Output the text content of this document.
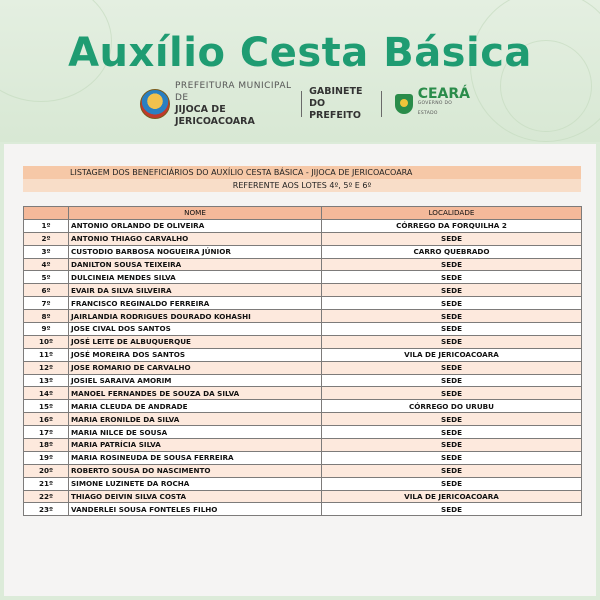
Auxílio Cesta Básica
PREFEITURA MUNICIPAL DE
JIJOCA DE JERICOACOARA
GABINETE DO
PREFEITO
CEARÁ
GOVERNO DO ESTADO
LISTAGEM DOS BENEFICIÁRIOS DO AUXÍLIO CESTA BÁSICA - JIJOCA DE JERICOACOARA
REFERENTE AOS LOTES 4º, 5º E 6º
	NOME	LOCALIDADE
1º	ANTONIO ORLANDO DE OLIVEIRA	CÓRREGO DA FORQUILHA 2
2º	ANTONIO THIAGO CARVALHO	SEDE
3º	CUSTODIO BARBOSA NOGUEIRA JÚNIOR	CARRO QUEBRADO
4º	DANILTON SOUSA TEIXEIRA	SEDE
5º	DULCINEIA MENDES SILVA	SEDE
6º	EVAIR DA SILVA SILVEIRA	SEDE
7º	FRANCISCO REGINALDO FERREIRA	SEDE
8º	JAIRLANDIA RODRIGUES DOURADO KOHASHI	SEDE
9º	JOSE CIVAL DOS SANTOS	SEDE
10º	JOSÉ LEITE DE ALBUQUERQUE	SEDE
11º	JOSÉ MOREIRA DOS SANTOS	VILA DE JERICOACOARA
12º	JOSE ROMARIO DE CARVALHO	SEDE
13º	JOSIEL SARAIVA AMORIM	SEDE
14º	MANOEL FERNANDES DE SOUZA DA SILVA	SEDE
15º	MARIA CLEUDA DE ANDRADE	CÓRREGO DO URUBU
16º	MARIA ERONILDE DA SILVA	SEDE
17º	MARIA NILCE DE SOUSA	SEDE
18º	MARIA PATRÍCIA SILVA	SEDE
19º	MARIA ROSINEUDA DE SOUSA FERREIRA	SEDE
20º	ROBERTO SOUSA DO NASCIMENTO	SEDE
21º	SIMONE LUZINETE DA ROCHA	SEDE
22º	THIAGO DEIVIN SILVA COSTA	VILA DE JERICOACOARA
23º	VANDERLEI SOUSA FONTELES FILHO	SEDE
